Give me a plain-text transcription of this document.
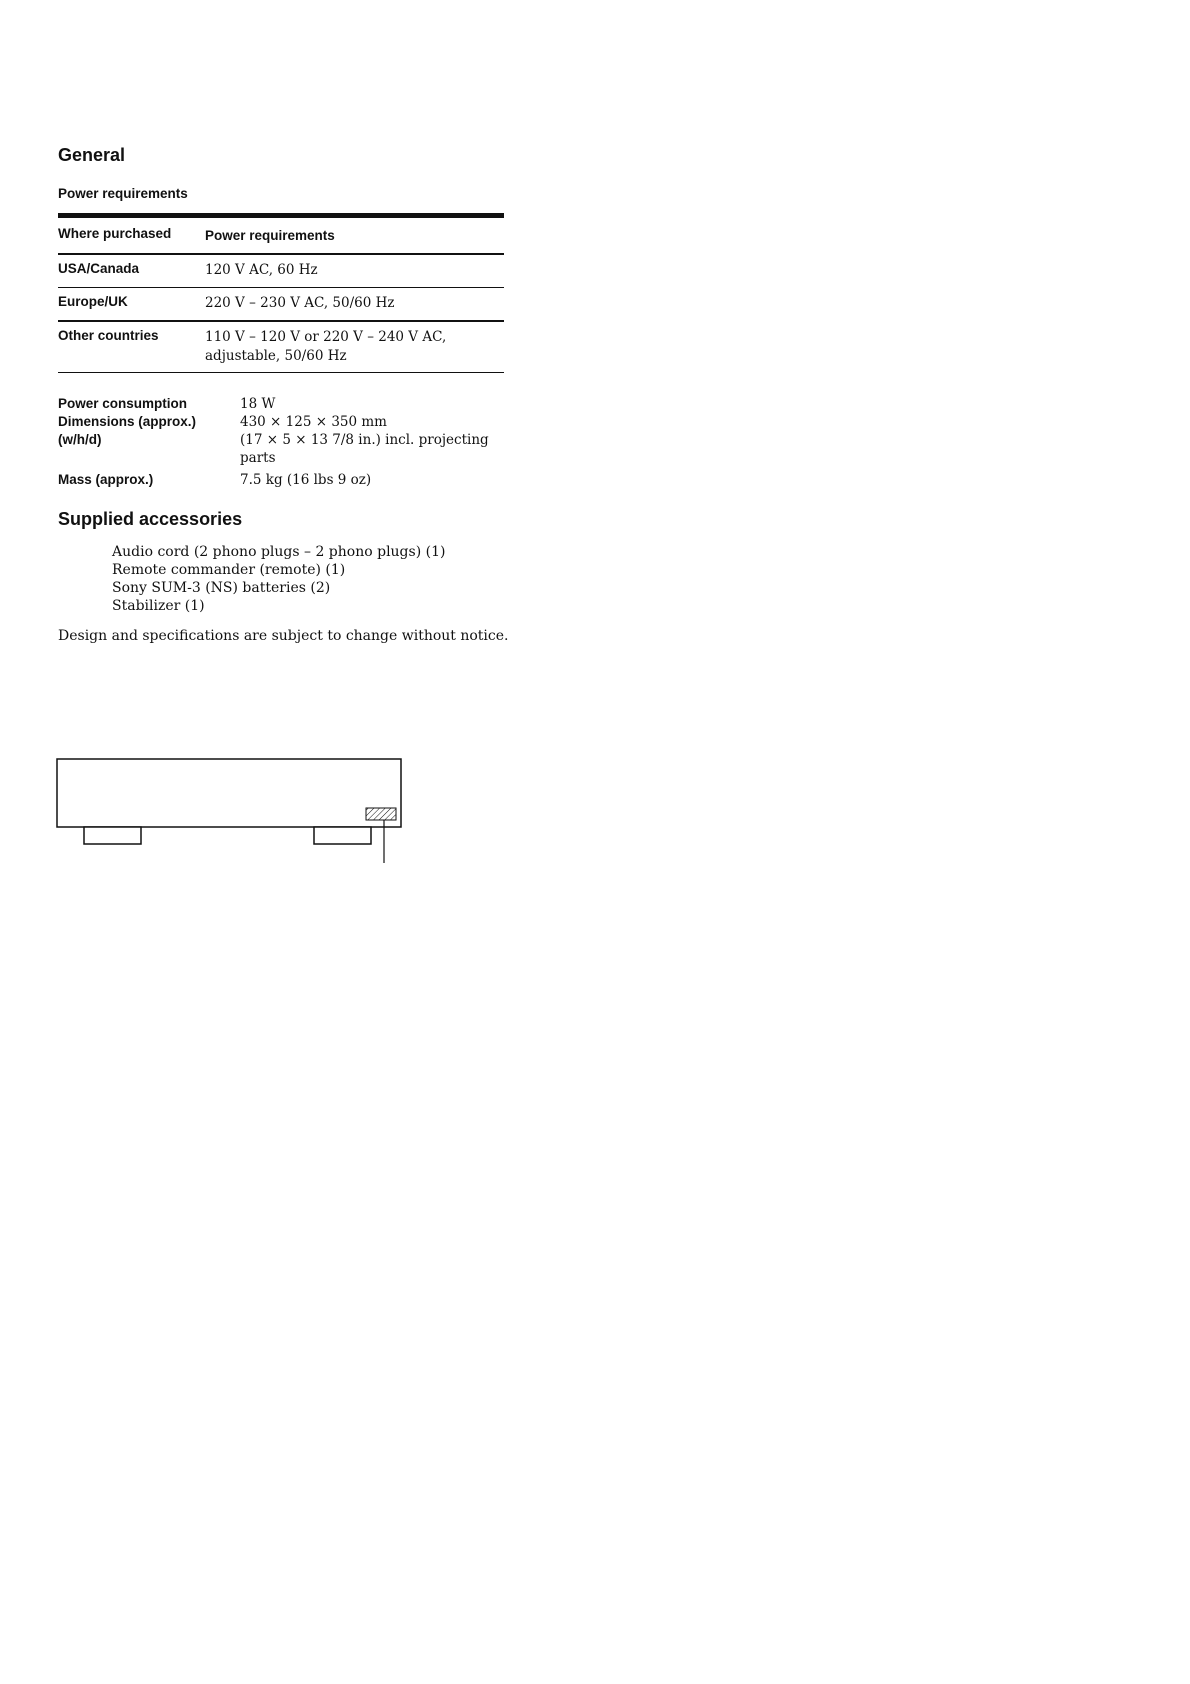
General
Power requirements
Where purchased	Power requirements
USA/Canada	120 V AC, 60 Hz
Europe/UK	220 V – 230 V AC, 50/60 Hz
Other countries	110 V – 120 V or 220 V – 240 V AC,
adjustable, 50/60 Hz
Power consumption	18 W
Dimensions (approx.)	430 × 125 × 350 mm
(w/h/d)	(17 × 5 × 13 7/8 in.) incl. projecting
parts
Mass (approx.)	7.5 kg (16 lbs 9 oz)
Supplied accessories
Audio cord (2 phono plugs – 2 phono plugs) (1)
Remote commander (remote) (1)
Sony SUM-3 (NS) batteries (2)
Stabilizer (1)

Design and specifications are subject to change without notice.
